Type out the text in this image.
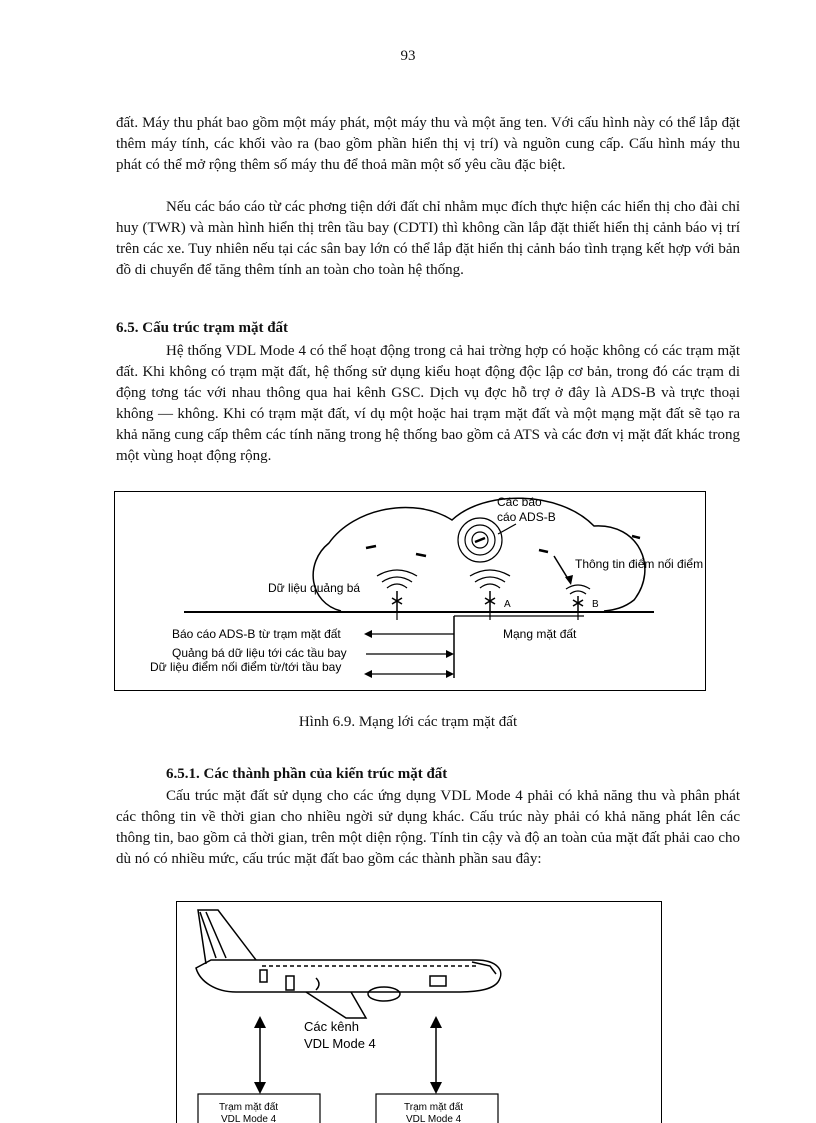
93

đất. Máy thu phát bao gồm một máy phát, một máy thu và một ăng ten. Với cấu hình này có thể lắp đặt thêm máy tính, các khối vào ra (bao gồm phần hiển thị vị trí) và nguồn cung cấp. Cấu hình máy thu phát có thể mở rộng thêm số máy thu để thoả mãn một số yêu cầu đặc biệt.

Nếu các báo cáo từ các phơng tiện dới đất chỉ nhằm mục đích thực hiện các hiển thị cho đài chỉ huy (TWR) và màn hình hiển thị trên tầu bay (CDTI) thì không cần lắp đặt thiết hiển thị cảnh báo vị trí trên các xe. Tuy nhiên nếu tại các sân bay lớn có thể lắp đặt hiển thị cảnh báo tình trạng kết hợp với bản đồ di chuyển để tăng thêm tính an toàn cho toàn hệ thống.

6.5. Cấu trúc trạm mặt đất

Hệ thống VDL Mode 4 có thể hoạt động trong cả hai trờng hợp có hoặc không có các trạm mặt đất. Khi không có trạm mặt đất, hệ thống sử dụng kiểu hoạt động độc lập cơ bản, trong đó các trạm di động tơng tác với nhau thông qua hai kênh GSC. Dịch vụ đợc hỗ trợ ở đây là ADS-B và trực thoại không — không. Khi có trạm mặt đất, ví dụ một hoặc hai trạm mặt đất và một mạng mặt đất sẽ tạo ra khả năng cung cấp thêm các tính năng trong hệ thống bao gồm cả ATS và các đơn vị mặt đất khác trong một vùng hoạt động rộng.

Các báo
cáo ADS-B
Thông tin điểm nối điểm
Dữ liệu quảng bá
A	B
Mạng mặt đất
Báo cáo ADS-B từ trạm mặt đất
Quảng bá dữ liệu tới các tầu bay
Dữ liệu điểm nối điểm từ/tới tầu bay
Hình 6.9. Mạng lới các trạm mặt đất
6.5.1. Các thành phần của kiến trúc mặt đất

Cấu trúc mặt đất sử dụng cho các ứng dụng VDL Mode 4 phải có khả năng thu và phân phát các thông tin về thời gian cho nhiều ngời sử dụng khác. Cấu trúc này phải có khả năng phát lên các thông tin, bao gồm cả thời gian, trên một diện rộng. Tính tin cậy và độ an toàn của mặt đất phải cao cho dù nó có nhiều mức, cấu trúc mặt đất bao gồm các thành phần sau đây:

Các kênh
VDL Mode 4
Trạm mặt đất
VDL Mode 4
Trạm mặt đất
VDL Mode 4
